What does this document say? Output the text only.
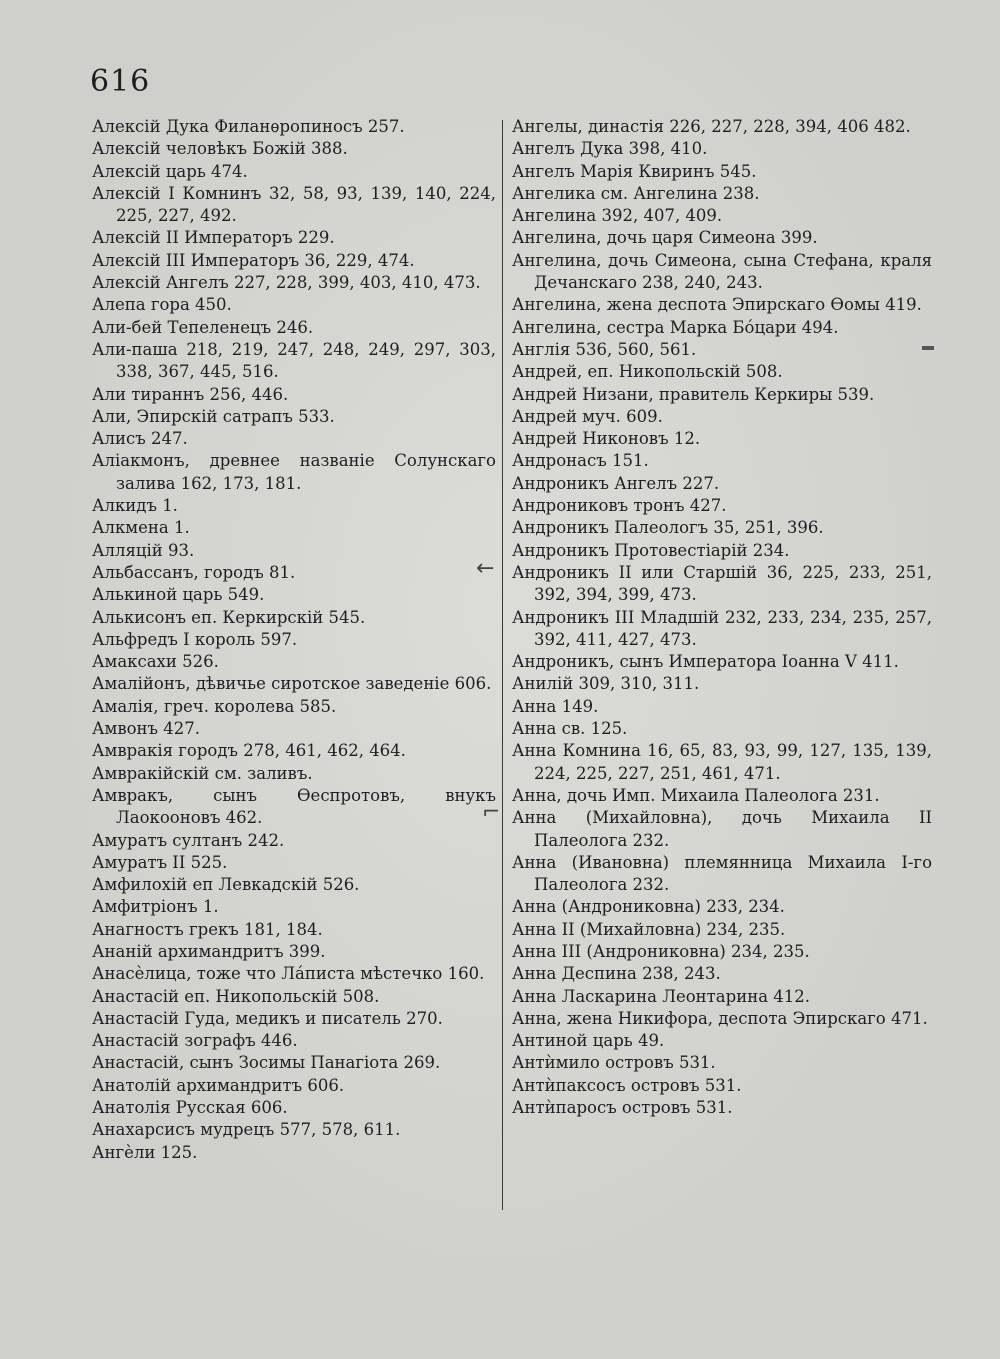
616
Алексій Дука Филанѳропиносъ 257.
Алексій человѣкъ Божій 388.
Алексій царь 474.
Алексій I Комнинъ 32, 58, 93, 139, 140, 224, 225, 227, 492.
Алексій II Императоръ 229.
Алексій III Императоръ 36, 229, 474.
Алексій Ангелъ 227, 228, 399, 403, 410, 473.
Алепа гора 450.
Али-бей Тепеленецъ 246.
Али-паша 218, 219, 247, 248, 249, 297, 303, 338, 367, 445, 516.
Али тираннъ 256, 446.
Али, Эпирскій сатрапъ 533.
Алисъ 247.
Аліакмонъ, древнее названіе Солунскаго залива 162, 173, 181.
Алкидъ 1.
Алкмена 1.
Алляцій 93.
Альбассанъ, городъ 81.
Алькиной царь 549.
Алькисонъ еп. Керкирскій 545.
Альфредъ I король 597.
Амаксахи 526.
Амалійонъ, дѣвичье сиротское заведеніе 606.
Амалія, греч. королева 585.
Амвонъ 427.
Амвракія городъ 278, 461, 462, 464.
Амвракійскій см. заливъ.
Амвракъ, сынъ Ѳеспротовъ, внукъ Лаокооновъ 462.
Амуратъ султанъ 242.
Амуратъ II 525.
Амфилохій еп Левкадскій 526.
Амфитріонъ 1.
Анагностъ грекъ 181, 184.
Ананій архимандритъ 399.
Анасѐлица, тоже что Лáписта мѣстечко 160.
Анастасій еп. Никопольскій 508.
Анастасій Гуда, медикъ и писатель 270.
Анастасій зографъ 446.
Анастасій, сынъ Зосимы Панагіота 269.
Анатолій архимандритъ 606.
Анатолія Русская 606.
Анахарсисъ мудрецъ 577, 578, 611.
Ангѐли 125.
Ангелы, династія 226, 227, 228, 394, 406 482.
Ангелъ Дука 398, 410.
Ангелъ Марія Квиринъ 545.
Ангелика см. Ангелина 238.
Ангелина 392, 407, 409.
Ангелина, дочь царя Симеона 399.
Ангелина, дочь Симеона, сына Стефана, краля Дечанскаго 238, 240, 243.
Ангелина, жена деспота Эпирскаго Ѳомы 419.
Ангелина, сестра Марка Бóцари 494.
Англія 536, 560, 561.
Андрей, еп. Никопольскій 508.
Андрей Низани, правитель Керкиры 539.
Андрей муч. 609.
Андрей Никоновъ 12.
Андронасъ 151.
Андроникъ Ангелъ 227.
Андрониковъ тронъ 427.
Андроникъ Палеологъ 35, 251, 396.
Андроникъ Протовестіарій 234.
Андроникъ II или Старшій 36, 225, 233, 251, 392, 394, 399, 473.
Андроникъ III Младшій 232, 233, 234, 235, 257, 392, 411, 427, 473.
Андроникъ, сынъ Императора Іоанна V 411.
Анилій 309, 310, 311.
Анна 149.
Анна св. 125.
Анна Комнина 16, 65, 83, 93, 99, 127, 135, 139, 224, 225, 227, 251, 461, 471.
Анна, дочь Имп. Михаила Палеолога 231.
Анна (Михайловна), дочь Михаила II Палеолога 232.
Анна (Ивановна) племянница Михаила I-го Палеолога 232.
Анна (Андрониковна) 233, 234.
Анна II (Михайловна) 234, 235.
Анна III (Андрониковна) 234, 235.
Анна Деспина 238, 243.
Анна Ласкарина Леонтарина 412.
Анна, жена Никифора, деспота Эпирскаго 471.
Антиной царь 49.
Антѝмило островъ 531.
Антѝпаксосъ островъ 531.
Антѝпаросъ островъ 531.
←
⌐
